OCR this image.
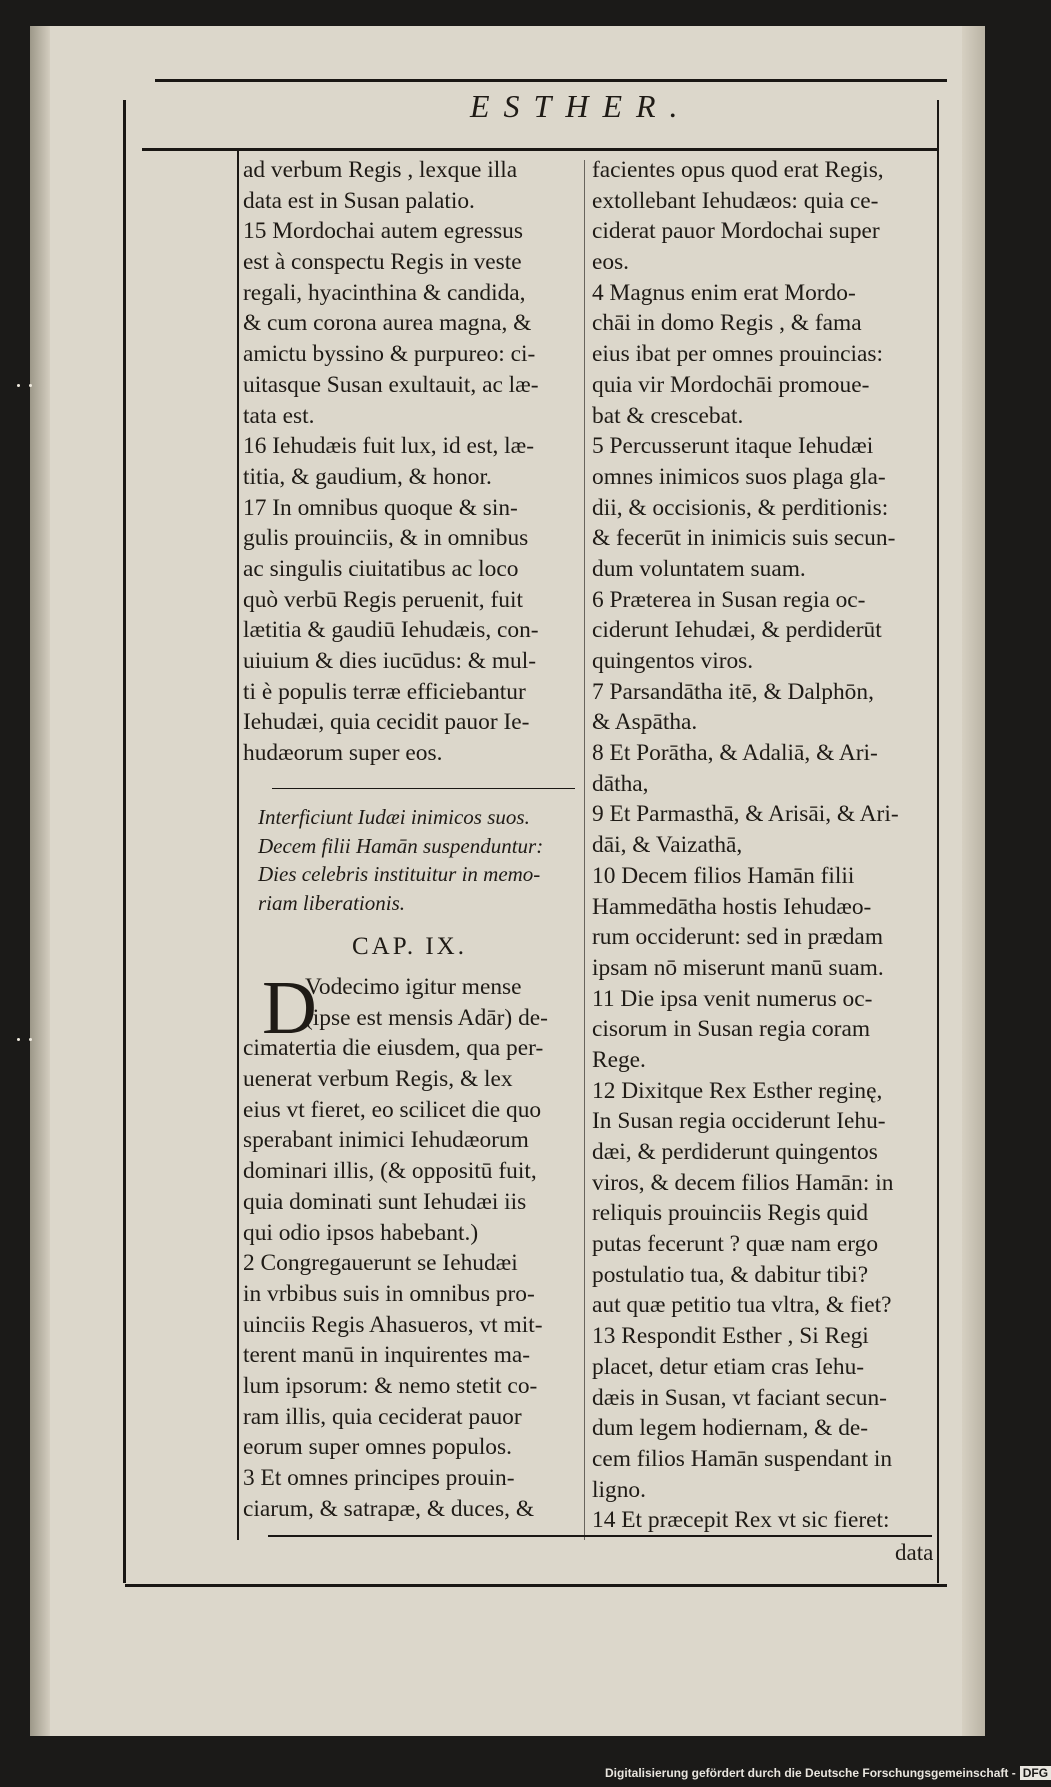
ESTHER.
ad verbum Regis , lexque illa
data est in Susan palatio.
15 Mordochai autem egressus
est à conspectu Regis in veste
regali, hyacinthina & candida,
& cum corona aurea magna, &
amictu byssino & purpureo: ci-
uitasque Susan exultauit, ac læ-
tata est.
16 Iehudæis fuit lux, id est, læ-
titia, & gaudium, & honor.
17 In omnibus quoque & sin-
gulis prouinciis, & in omnibus
ac singulis ciuitatibus ac loco
quò verbū Regis peruenit, fuit
lætitia & gaudiū Iehudæis, con-
uiuium & dies iucūdus: & mul-
ti è populis terræ efficiebantur
Iehudæi, quia cecidit pauor Ie-
hudæorum super eos.
Interficiunt Iudæi inimicos suos.
Decem filii Hamān suspenduntur:
Dies celebris instituitur in memo-
riam liberationis.
CAP. IX.
D
Vodecimo igitur mense
(ipse est mensis Adār) de-
cimatertia die eiusdem, qua per-
uenerat verbum Regis, & lex
eius vt fieret, eo scilicet die quo
sperabant inimici Iehudæorum
dominari illis, (& oppositū fuit,
quia dominati sunt Iehudæi iis
qui odio ipsos habebant.)
2 Congregauerunt se Iehudæi
in vrbibus suis in omnibus pro-
uinciis Regis Ahasueros, vt mit-
terent manū in inquirentes ma-
lum ipsorum: & nemo stetit co-
ram illis, quia ceciderat pauor
eorum super omnes populos.
3 Et omnes principes prouin-
ciarum, & satrapæ, & duces, &
facientes opus quod erat Regis,
extollebant Iehudæos: quia ce-
ciderat pauor Mordochai super
eos.
4 Magnus enim erat Mordo-
chāi in domo Regis , & fama
eius ibat per omnes prouincias:
quia vir Mordochāi promoue-
bat & crescebat.
5 Percusserunt itaque Iehudæi
omnes inimicos suos plaga gla-
dii, & occisionis, & perditionis:
& fecerūt in inimicis suis secun-
dum voluntatem suam.
6 Præterea in Susan regia oc-
ciderunt Iehudæi, & perdiderūt
quingentos viros.
7 Parsandātha itē, & Dalphōn,
& Aspātha.
8 Et Porātha, & Adaliā, & Ari-
dātha,
9 Et Parmasthā, & Arisāi, & Ari-
dāi, & Vaizathā,
10 Decem filios Hamān filii
Hammedātha hostis Iehudæo-
rum occiderunt: sed in prædam
ipsam nō miserunt manū suam.
11 Die ipsa venit numerus oc-
cisorum in Susan regia coram
Rege.
12 Dixitque Rex Esther reginę,
In Susan regia occiderunt Iehu-
dæi, & perdiderunt quingentos
viros, & decem filios Hamān: in
reliquis prouinciis Regis quid
putas fecerunt ? quæ nam ergo
postulatio tua, & dabitur tibi?
aut quæ petitio tua vltra, & fiet?
13 Respondit Esther , Si Regi
placet, detur etiam cras Iehu-
dæis in Susan, vt faciant secun-
dum legem hodiernam, & de-
cem filios Hamān suspendant in
ligno.
14 Et præcepit Rex vt sic fieret:
data
Digitalisierung gefördert durch die Deutsche Forschungsgemeinschaft - DFG
